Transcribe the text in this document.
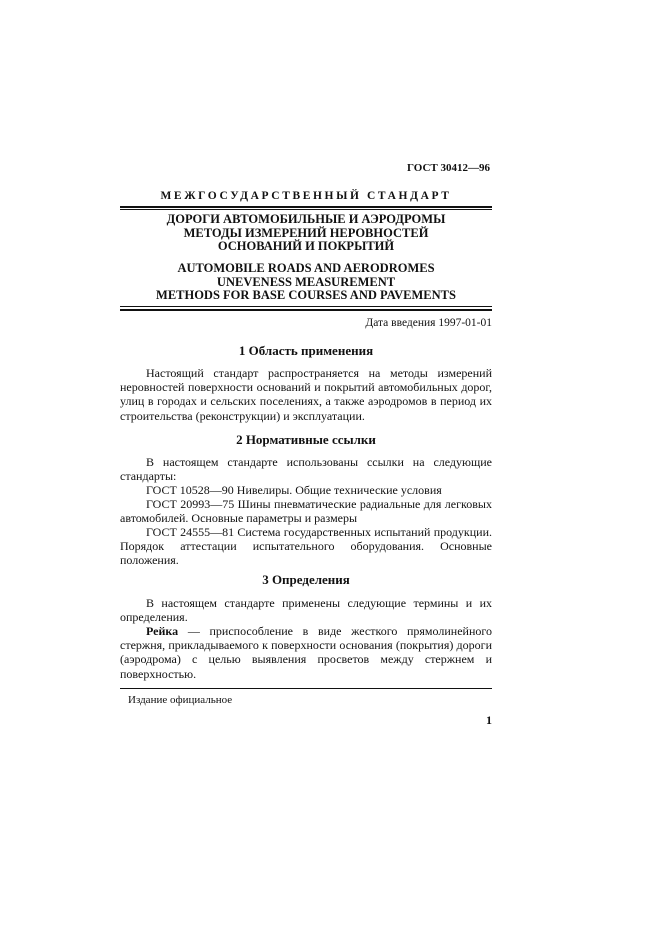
ГОСТ 30412—96
МЕЖГОСУДАРСТВЕННЫЙ СТАНДАРТ
ДОРОГИ АВТОМОБИЛЬНЫЕ И АЭРОДРОМЫ
МЕТОДЫ ИЗМЕРЕНИЙ НЕРОВНОСТЕЙ
ОСНОВАНИЙ И ПОКРЫТИЙ
AUTOMOBILE ROADS AND AERODROMES
UNEVENESS MEASUREMENT
METHODS FOR BASE COURSES AND PAVEMENTS
Дата введения 1997-01-01
1 Область применения
Настоящий стандарт распространяется на методы измерений неровностей поверхности оснований и покрытий автомобильных дорог, улиц в городах и сельских поселениях, а также аэродромов в период их строительства (реконструкции) и эксплуатации.
2 Нормативные ссылки
В настоящем стандарте использованы ссылки на следующие стандарты:
ГОСТ 10528—90 Нивелиры. Общие технические условия
ГОСТ 20993—75 Шины пневматические радиальные для легковых автомобилей. Основные параметры и размеры
ГОСТ 24555—81 Система государственных испытаний продукции. Порядок аттестации испытательного оборудования. Основные положения.
3 Определения
В настоящем стандарте применены следующие термины и их определения.
Рейка — приспособление в виде жесткого прямолинейного стержня, прикладываемого к поверхности основания (покрытия) дороги (аэродрома) с целью выявления просветов между стержнем и поверхностью.
Издание официальное
1
